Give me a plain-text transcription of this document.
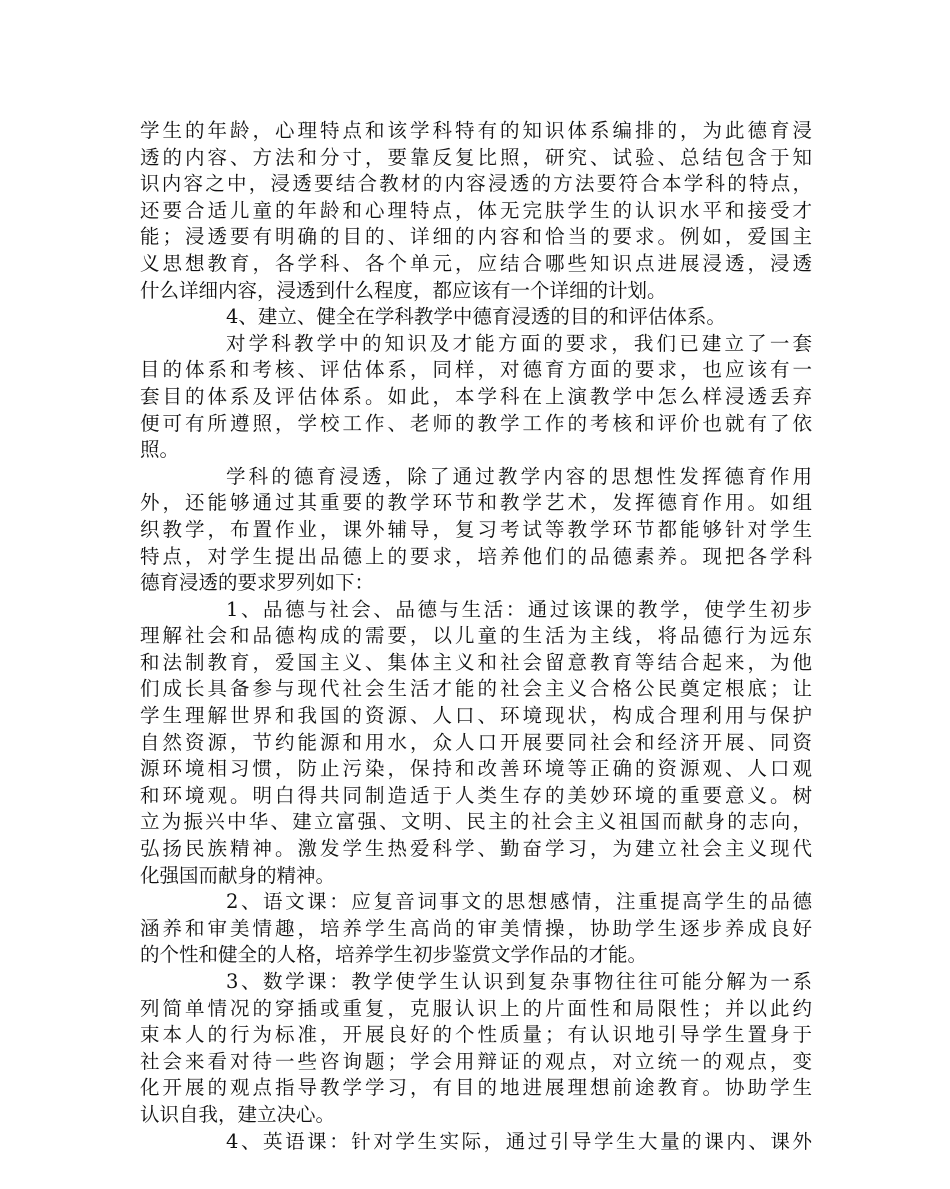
学生的年龄，心理特点和该学科特有的知识体系编排的，为此德育浸
透的内容、方法和分寸，要靠反复比照，研究、试验、总结包含于知
识内容之中，浸透要结合教材的内容浸透的方法要符合本学科的特点，
还要合适儿童的年龄和心理特点，体无完肤学生的认识水平和接受才
能；浸透要有明确的目的、详细的内容和恰当的要求。例如，爱国主
义思想教育，各学科、各个单元，应结合哪些知识点进展浸透，浸透
什么详细内容，浸透到什么程度，都应该有一个详细的计划。
4、建立、健全在学科教学中德育浸透的目的和评估体系。
对学科教学中的知识及才能方面的要求，我们已建立了一套
目的体系和考核、评估体系，同样，对德育方面的要求，也应该有一
套目的体系及评估体系。如此，本学科在上演教学中怎么样浸透丢弃
便可有所遵照，学校工作、老师的教学工作的考核和评价也就有了依
照。
学科的德育浸透，除了通过教学内容的思想性发挥德育作用
外，还能够通过其重要的教学环节和教学艺术，发挥德育作用。如组
织教学，布置作业，课外辅导，复习考试等教学环节都能够针对学生
特点，对学生提出品德上的要求，培养他们的品德素养。现把各学科
德育浸透的要求罗列如下：
1、品德与社会、品德与生活：通过该课的教学，使学生初步
理解社会和品德构成的需要，以儿童的生活为主线，将品德行为远东
和法制教育，爱国主义、集体主义和社会留意教育等结合起来，为他
们成长具备参与现代社会生活才能的社会主义合格公民奠定根底；让
学生理解世界和我国的资源、人口、环境现状，构成合理利用与保护
自然资源，节约能源和用水，众人口开展要同社会和经济开展、同资
源环境相习惯，防止污染，保持和改善环境等正确的资源观、人口观
和环境观。明白得共同制造适于人类生存的美妙环境的重要意义。树
立为振兴中华、建立富强、文明、民主的社会主义祖国而献身的志向，
弘扬民族精神。激发学生热爱科学、勤奋学习，为建立社会主义现代
化强国而献身的精神。
2、语文课：应复音词事文的思想感情，注重提高学生的品德
涵养和审美情趣，培养学生高尚的审美情操，协助学生逐步养成良好
的个性和健全的人格，培养学生初步鉴赏文学作品的才能。
3、数学课：教学使学生认识到复杂事物往往可能分解为一系
列简单情况的穿插或重复，克服认识上的片面性和局限性；并以此约
束本人的行为标准，开展良好的个性质量；有认识地引导学生置身于
社会来看对待一些咨询题；学会用辩证的观点，对立统一的观点，变
化开展的观点指导教学学习，有目的地进展理想前途教育。协助学生
认识自我，建立决心。
4、英语课：针对学生实际，通过引导学生大量的课内、课外
